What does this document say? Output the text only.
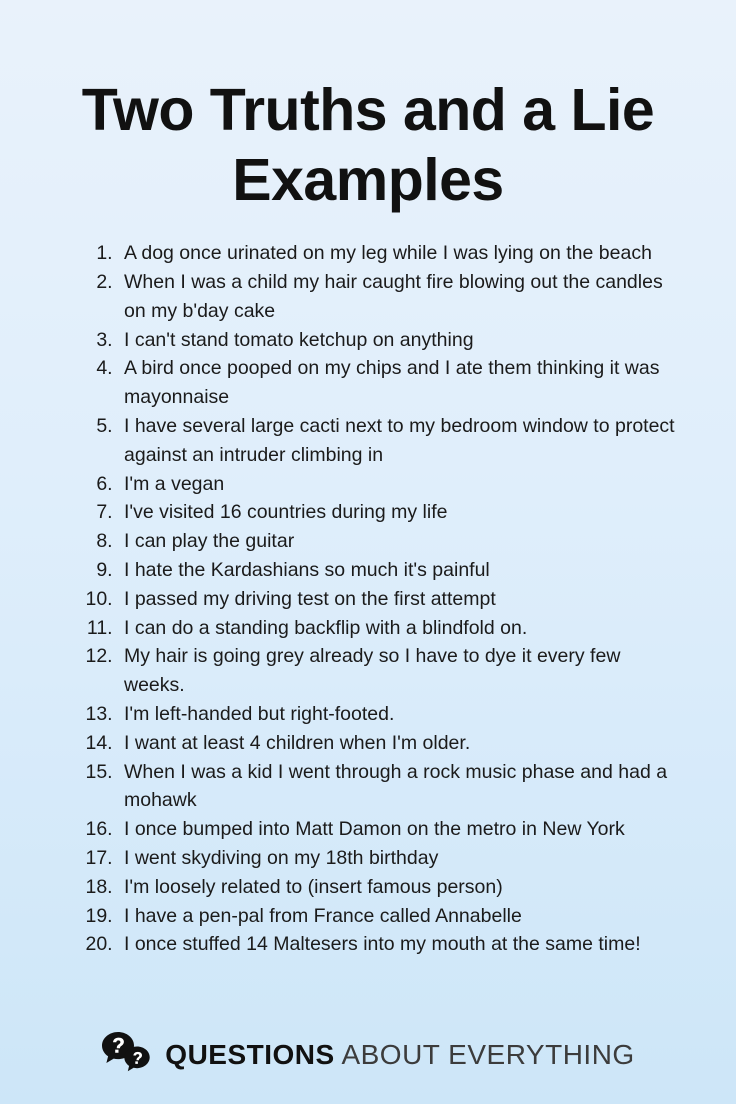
Two Truths and a Lie Examples
1. A dog once urinated on my leg while I was lying on the beach
2. When I was a child my hair caught fire blowing out the candles on my b'day cake
3. I can't stand tomato ketchup on anything
4. A bird once pooped on my chips and I ate them thinking it was mayonnaise
5. I have several large cacti next to my bedroom window to protect against an intruder climbing in
6. I'm a vegan
7. I've visited 16 countries during my life
8. I can play the guitar
9. I hate the Kardashians so much it's painful
10. I passed my driving test on the first attempt
11. I can do a standing backflip with a blindfold on.
12. My hair is going grey already so I have to dye it every few weeks.
13. I'm left-handed but right-footed.
14. I want at least 4 children when I'm older.
15. When I was a kid I went through a rock music phase and had a mohawk
16. I once bumped into Matt Damon on the metro in New York
17. I went skydiving on my 18th birthday
18. I'm loosely related to (insert famous person)
19. I have a pen-pal from France called Annabelle
20. I once stuffed 14 Maltesers into my mouth at the same time!
QUESTIONS ABOUT EVERYTHING
